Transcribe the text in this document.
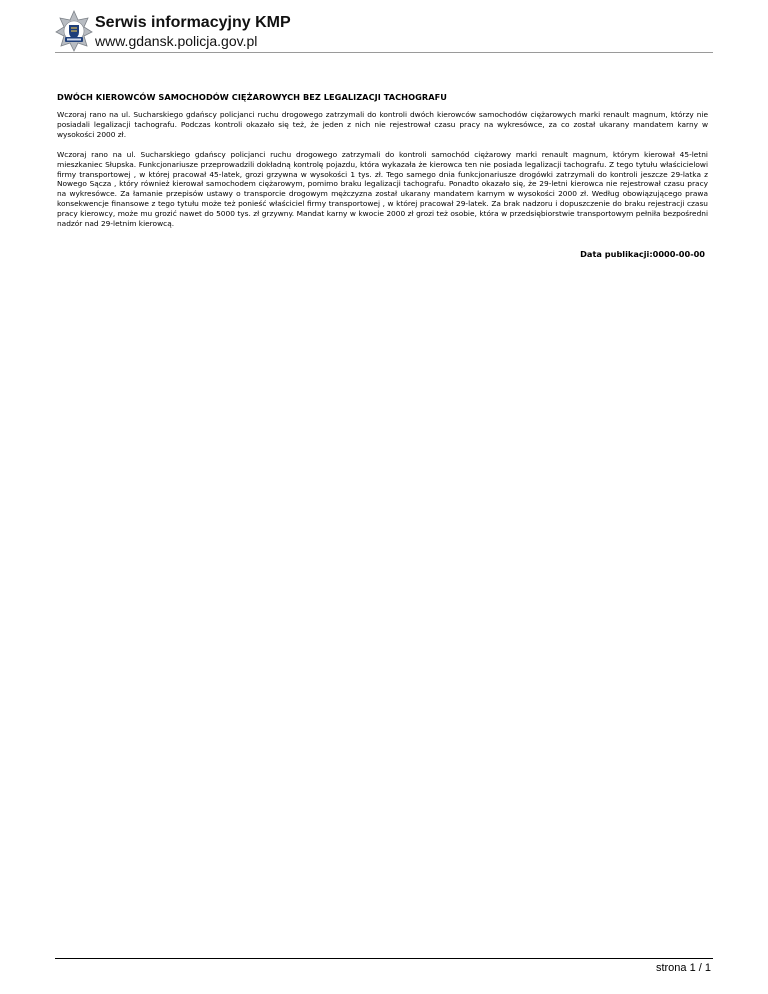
Serwis informacyjny KMP
www.gdansk.policja.gov.pl
DWÓCH KIEROWCÓW SAMOCHODÓW CIĘŻAROWYCH BEZ LEGALIZACJI TACHOGRAFU

Wczoraj rano na ul. Sucharskiego gdańscy policjanci ruchu drogowego zatrzymali do kontroli dwóch kierowców samochodów ciężarowych marki renault magnum, którzy nie posiadali legalizacji tachografu. Podczas kontroli okazało się też, że jeden z nich nie rejestrował czasu pracy na wykresówce, za co został ukarany mandatem karny w wysokości 2000 zł.

Wczoraj rano na ul. Sucharskiego gdańscy policjanci ruchu drogowego zatrzymali do kontroli samochód ciężarowy marki renault magnum, którym kierował 45-letni mieszkaniec Słupska. Funkcjonariusze przeprowadzili dokładną kontrolę pojazdu, która wykazała że kierowca ten nie posiada legalizacji tachografu. Z tego tytułu właścicielowi firmy transportowej , w której pracował 45-latek, grozi grzywna w wysokości 1 tys. zł. Tego samego dnia funkcjonariusze drogówki zatrzymali do kontroli jeszcze 29-latka z Nowego Sącza , który również kierował samochodem ciężarowym, pomimo braku legalizacji tachografu. Ponadto okazało się, że 29-letni kierowca nie rejestrował czasu pracy na wykresówce. Za łamanie przepisów ustawy o transporcie drogowym mężczyzna został ukarany mandatem karnym w wysokości 2000 zł. Według obowiązującego prawa konsekwencje finansowe z tego tytułu może też ponieść właściciel firmy transportowej , w której pracował 29-latek. Za brak nadzoru i dopuszczenie do braku rejestracji czasu pracy kierowcy, może mu grozić nawet do 5000 tys. zł grzywny. Mandat karny w kwocie 2000 zł grozi też osobie, która w przedsiębiorstwie transportowym pełniła bezpośredni nadzór nad 29-letnim kierowcą.

Data publikacji:0000-00-00
strona 1 / 1
